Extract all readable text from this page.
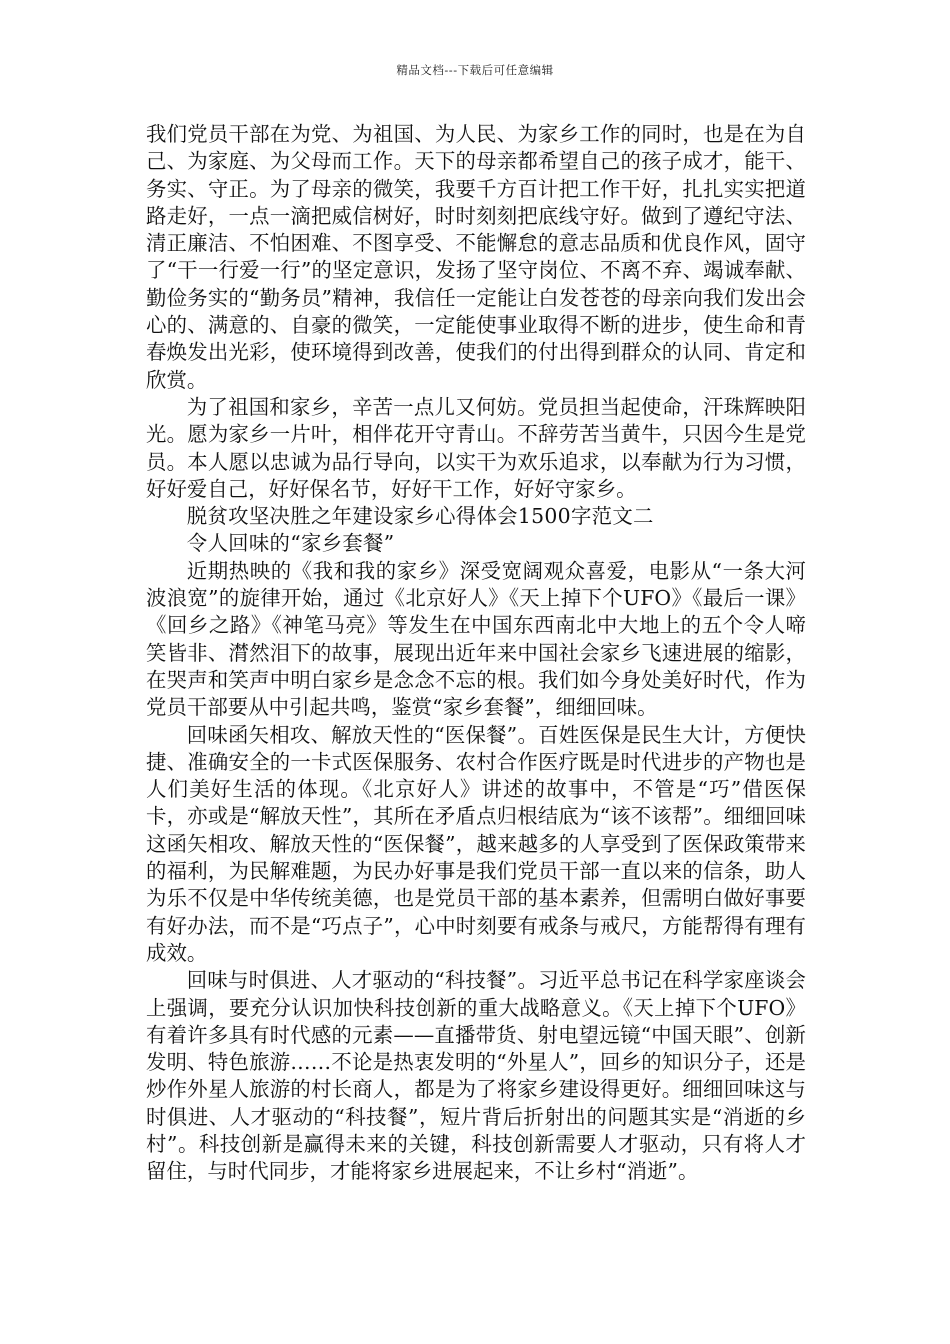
精品文档---下载后可任意编辑

我们党员干部在为党、为祖国、为人民、为家乡工作的同时，也是在为自己、为家庭、为父母而工作。天下的母亲都希望自己的孩子成才，能干、务实、守正。为了母亲的微笑，我要千方百计把工作干好，扎扎实实把道路走好，一点一滴把威信树好，时时刻刻把底线守好。做到了遵纪守法、清正廉洁、不怕困难、不图享受、不能懈怠的意志品质和优良作风，固守了“干一行爱一行”的坚定意识，发扬了坚守岗位、不离不弃、竭诚奉献、勤俭务实的“勤务员”精神，我信任一定能让白发苍苍的母亲向我们发出会心的、满意的、自豪的微笑，一定能使事业取得不断的进步，使生命和青春焕发出光彩，使环境得到改善，使我们的付出得到群众的认同、肯定和欣赏。

为了祖国和家乡，辛苦一点儿又何妨。党员担当起使命，汗珠辉映阳光。愿为家乡一片叶，相伴花开守青山。不辞劳苦当黄牛，只因今生是党员。本人愿以忠诚为品行导向，以实干为欢乐追求，以奉献为行为习惯，好好爱自己，好好保名节，好好干工作，好好守家乡。

脱贫攻坚决胜之年建设家乡心得体会1500字范文二

令人回味的“家乡套餐”

近期热映的《我和我的家乡》深受宽阔观众喜爱，电影从“一条大河波浪宽”的旋律开始，通过《北京好人》《天上掉下个UFO》《最后一课》《回乡之路》《神笔马亮》等发生在中国东西南北中大地上的五个令人啼笑皆非、潸然泪下的故事，展现出近年来中国社会家乡飞速进展的缩影，在哭声和笑声中明白家乡是念念不忘的根。我们如今身处美好时代，作为党员干部要从中引起共鸣，鉴赏“家乡套餐”，细细回味。

回味函矢相攻、解放天性的“医保餐”。百姓医保是民生大计，方便快捷、准确安全的一卡式医保服务、农村合作医疗既是时代进步的产物也是人们美好生活的体现。《北京好人》讲述的故事中，不管是“巧”借医保卡，亦或是“解放天性”，其所在矛盾点归根结底为“该不该帮”。细细回味这函矢相攻、解放天性的“医保餐”，越来越多的人享受到了医保政策带来的福利，为民解难题，为民办好事是我们党员干部一直以来的信条，助人为乐不仅是中华传统美德，也是党员干部的基本素养，但需明白做好事要有好办法，而不是“巧点子”，心中时刻要有戒条与戒尺，方能帮得有理有成效。

回味与时俱进、人才驱动的“科技餐”。习近平总书记在科学家座谈会上强调，要充分认识加快科技创新的重大战略意义。《天上掉下个UFO》有着许多具有时代感的元素——直播带货、射电望远镜“中国天眼”、创新发明、特色旅游……不论是热衷发明的“外星人”，回乡的知识分子，还是炒作外星人旅游的村长商人，都是为了将家乡建设得更好。细细回味这与时俱进、人才驱动的“科技餐”，短片背后折射出的问题其实是“消逝的乡村”。科技创新是赢得未来的关键，科技创新需要人才驱动，只有将人才留住，与时代同步，才能将家乡进展起来，不让乡村“消逝”。
